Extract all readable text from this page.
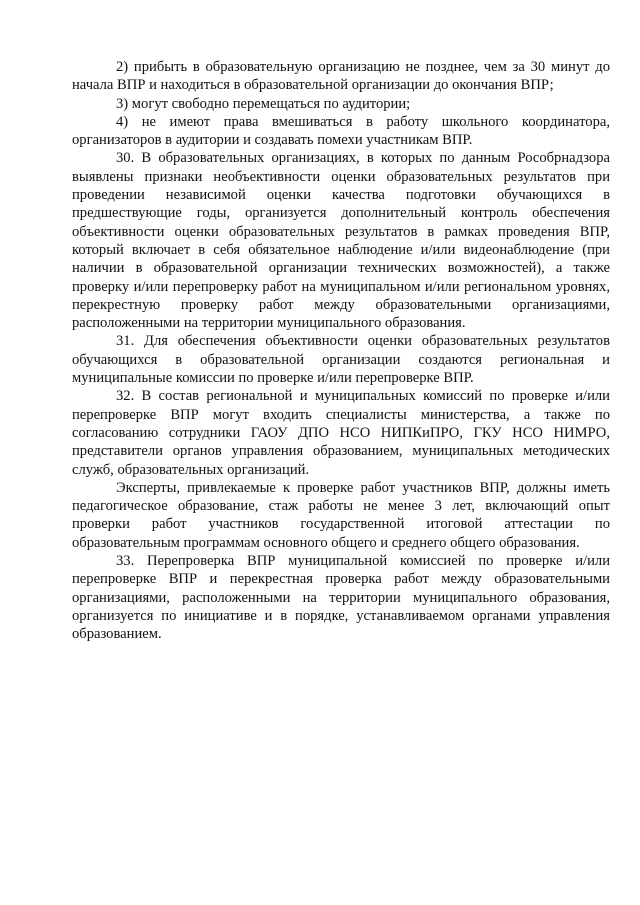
2) прибыть в образовательную организацию не позднее, чем за 30 минут до начала ВПР и находиться в образовательной организации до окончания ВПР;

3) могут свободно перемещаться по аудитории;

4) не имеют права вмешиваться в работу школьного координатора, организаторов в аудитории и создавать помехи участникам ВПР.

30. В образовательных организациях, в которых по данным Рособрнадзора выявлены признаки необъективности оценки образовательных результатов при проведении независимой оценки качества подготовки обучающихся в предшествующие годы, организуется дополнительный контроль обеспечения объективности оценки образовательных результатов в рамках проведения ВПР, который включает в себя обязательное наблюдение и/или видеонаблюдение (при наличии в образовательной организации технических возможностей), а также проверку и/или перепроверку работ на муниципальном и/или региональном уровнях, перекрестную проверку работ между образовательными организациями, расположенными на территории муниципального образования.

31. Для обеспечения объективности оценки образовательных результатов обучающихся в образовательной организации создаются региональная и муниципальные комиссии по проверке и/или перепроверке ВПР.

32. В состав региональной и муниципальных комиссий по проверке и/или перепроверке ВПР могут входить специалисты министерства, а также по согласованию сотрудники ГАОУ ДПО НСО НИПКиПРО, ГКУ НСО НИМРО, представители органов управления образованием, муниципальных методических служб, образовательных организаций.

Эксперты, привлекаемые к проверке работ участников ВПР, должны иметь педагогическое образование, стаж работы не менее 3 лет, включающий опыт проверки работ участников государственной итоговой аттестации по образовательным программам основного общего и среднего общего образования.

33. Перепроверка ВПР муниципальной комиссией по проверке и/или перепроверке ВПР и перекрестная проверка работ между образовательными организациями, расположенными на территории муниципального образования, организуется по инициативе и в порядке, устанавливаемом органами управления образованием.
